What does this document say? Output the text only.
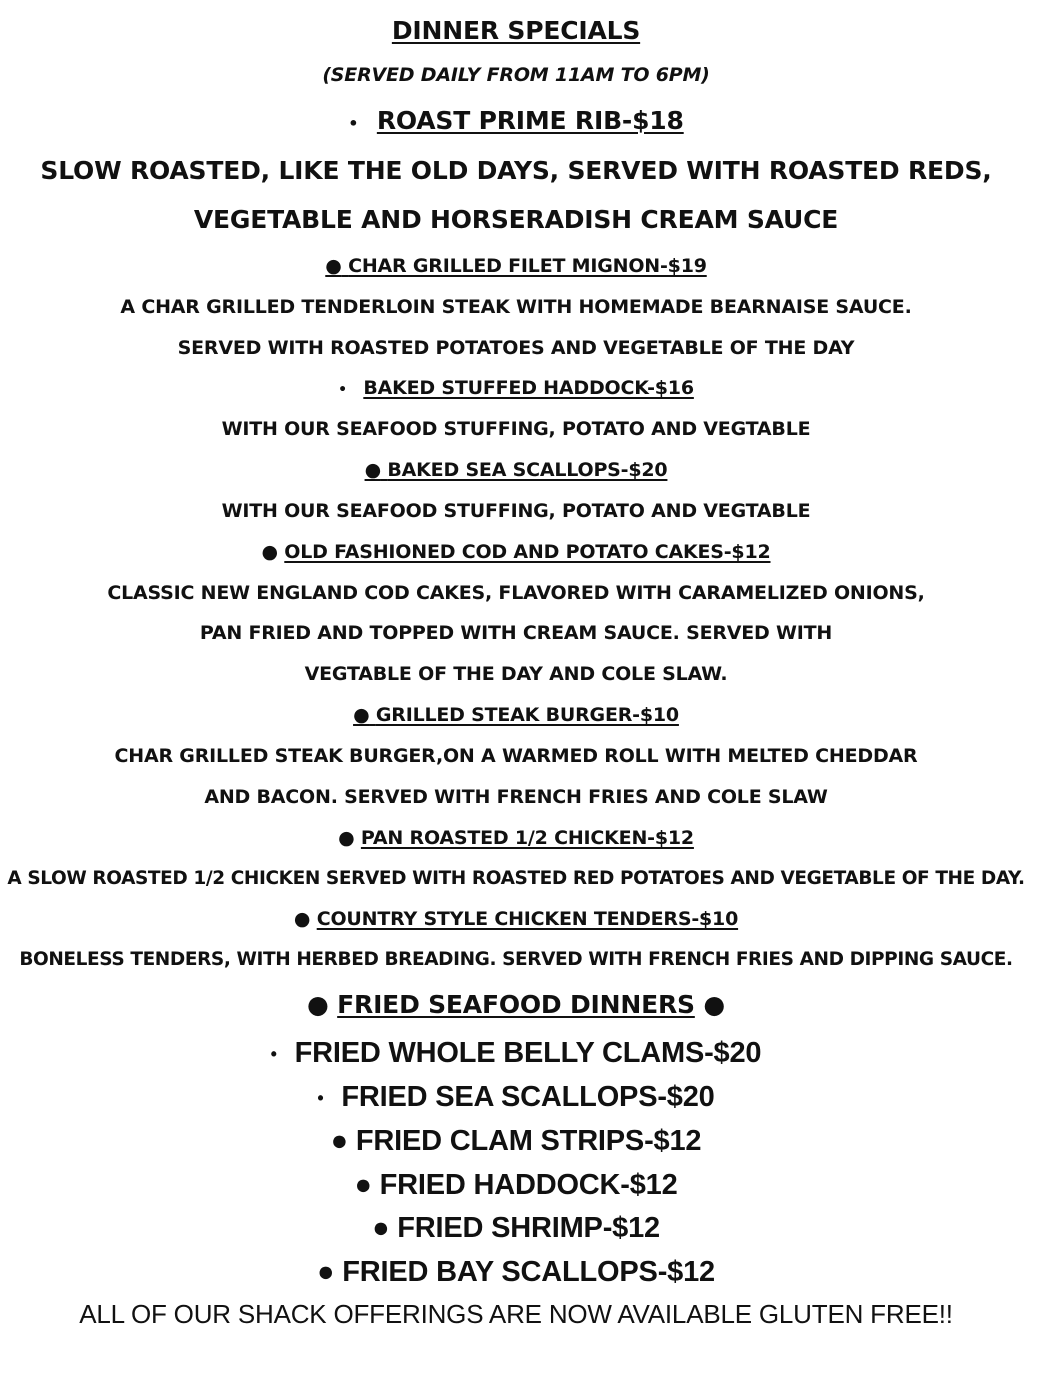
DINNER SPECIALS
(SERVED DAILY FROM 11AM TO 6PM)
• ROAST PRIME RIB-$18
SLOW ROASTED, LIKE THE OLD DAYS, SERVED WITH ROASTED REDS,
VEGETABLE AND HORSERADISH CREAM SAUCE
● CHAR GRILLED FILET MIGNON-$19
A CHAR GRILLED TENDERLOIN STEAK WITH HOMEMADE BEARNAISE SAUCE.
SERVED WITH ROASTED POTATOES AND VEGETABLE OF THE DAY
• BAKED STUFFED HADDOCK-$16
WITH OUR SEAFOOD STUFFING, POTATO AND VEGTABLE
● BAKED SEA SCALLOPS-$20
WITH OUR SEAFOOD STUFFING, POTATO AND VEGTABLE
● OLD FASHIONED COD AND POTATO CAKES-$12
CLASSIC NEW ENGLAND COD CAKES, FLAVORED WITH CARAMELIZED ONIONS,
PAN FRIED AND TOPPED WITH CREAM SAUCE. SERVED WITH
VEGTABLE OF THE DAY AND COLE SLAW.
● GRILLED STEAK BURGER-$10
CHAR GRILLED STEAK BURGER,ON A WARMED ROLL WITH MELTED CHEDDAR
AND BACON. SERVED WITH FRENCH FRIES AND COLE SLAW
● PAN ROASTED 1/2 CHICKEN-$12
A SLOW ROASTED 1/2 CHICKEN SERVED WITH ROASTED RED POTATOES AND VEGETABLE OF THE DAY.
● COUNTRY STYLE CHICKEN TENDERS-$10
BONELESS TENDERS, WITH HERBED BREADING. SERVED WITH FRENCH FRIES AND DIPPING SAUCE.
● FRIED SEAFOOD DINNERS ●
• FRIED WHOLE BELLY CLAMS-$20
• FRIED SEA SCALLOPS-$20
● FRIED CLAM STRIPS-$12
● FRIED HADDOCK-$12
● FRIED SHRIMP-$12
● FRIED BAY SCALLOPS-$12
ALL OF OUR SHACK OFFERINGS ARE NOW AVAILABLE GLUTEN FREE!!
